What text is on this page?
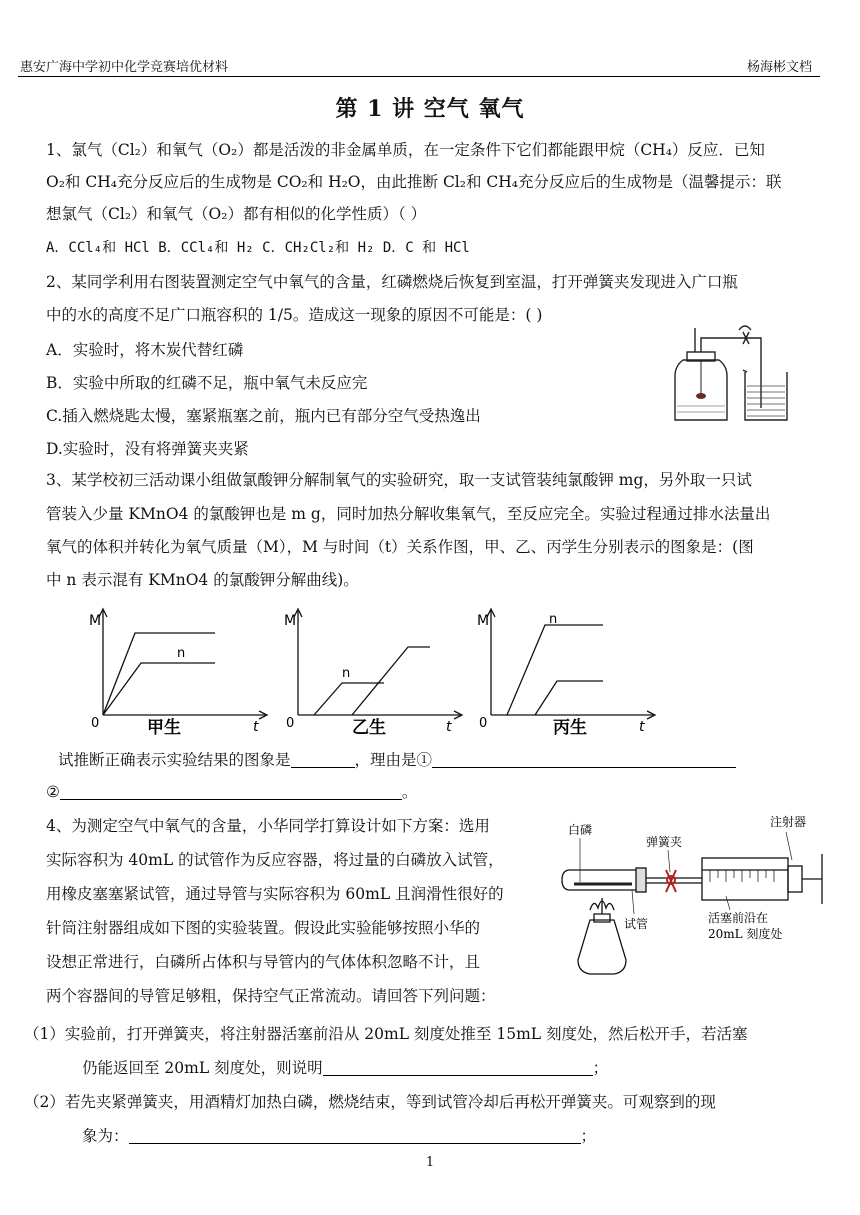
惠安广海中学初中化学竞赛培优材料	杨海彬文档
第 1 讲 空气 氧气
1、氯气（Cl₂）和氧气（O₂）都是活泼的非金属单质，在一定条件下它们都能跟甲烷（CH₄）反应．已知
O₂和 CH₄充分反应后的生成物是 CO₂和 H₂O，由此推断 Cl₂和 CH₄充分反应后的生成物是（温馨提示：联
想氯气（Cl₂）和氧气（O₂）都有相似的化学性质）（ ）
A．CCl₄和 HCl B．CCl₄和 H₂ C．CH₂Cl₂和 H₂ D．C 和 HCl
2、某同学利用右图装置测定空气中氧气的含量，红磷燃烧后恢复到室温，打开弹簧夹发现进入广口瓶
中的水的高度不足广口瓶容积的 1/5。造成这一现象的原因不可能是：( )
A．实验时，将木炭代替红磷
B．实验中所取的红磷不足，瓶中氧气未反应完
C.插入燃烧匙太慢，塞紧瓶塞之前，瓶内已有部分空气受热逸出
D.实验时，没有将弹簧夹夹紧
3、某学校初三活动课小组做氯酸钾分解制氧气的实验研究，取一支试管装纯氯酸钾 mg，另外取一只试
管装入少量 KMnO4 的氯酸钾也是 m g，同时加热分解收集氧气，至反应完全。实验过程通过排水法量出
氧气的体积并转化为氧气质量（M），M 与时间（t）关系作图，甲、乙、丙学生分别表示的图象是：(图
中 n 表示混有 KMnO4 的氯酸钾分解曲线)。
M
0	t
n
甲生
M
0	t
n
乙生
M
0	t
n
丙生
试推断正确表示实验结果的图象是	，理由是①
②	。
4、为测定空气中氧气的含量，小华同学打算设计如下方案：选用
实际容积为 40mL 的试管作为反应容器，将过量的白磷放入试管，
用橡皮塞塞紧试管，通过导管与实际容积为 60mL 且润滑性很好的
针筒注射器组成如下图的实验装置。假设此实验能够按照小华的
设想正常进行，白磷所占体积与导管内的气体体积忽略不计，且
两个容器间的导管足够粗，保持空气正常流动。请回答下列问题：
白磷
弹簧夹
注射器
试管	活塞前沿在
20mL 刻度处
（1）实验前，打开弹簧夹，将注射器活塞前沿从 20mL 刻度处推至 15mL 刻度处，然后松开手，若活塞
仍能返回至 20mL 刻度处，则说明	；
（2）若先夹紧弹簧夹，用酒精灯加热白磷，燃烧结束，等到试管冷却后再松开弹簧夹。可观察到的现
象为：	；
1
